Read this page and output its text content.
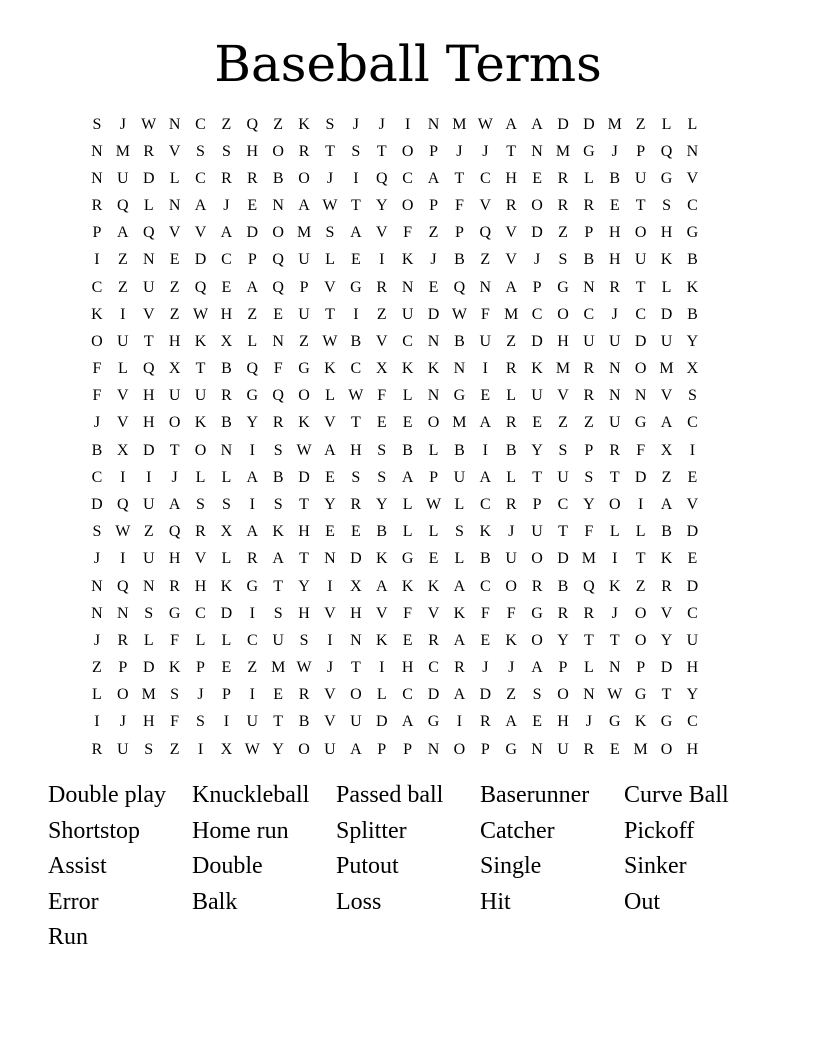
Baseball Terms
S	J W N C Z Q Z K S	J	J	I	N M W A A D D M Z	L	L
N M R V S	S H O R T	S	T O P	J	J	T N M G	J	P Q N
N U D L C R R B O	J	I	Q C A T C H E R L B U G V
R Q L N A	J	E N A W T Y O P	F V R O R R E	T	S	C
P A Q V V A D O M S A V F	Z	P Q V D Z	P H O H G
I	Z N E D C	P Q U L	E	I	K	J	B Z V	J	S	B H U K B
C Z U Z Q E A Q P V G R N E Q N A P G N R T	L K
K	I	V Z W H Z	E U T	I	Z U D W F M C O C	J	C D B
O U T H K X L N Z W B V C N B U Z D H U U D U Y
F	L Q X T B Q F G K C X K K N	I	R K M R N O M X
F V H U U R G Q O L W F	L N G E	L U V R N N V S
J	V H O K B Y R K V T	E	E O M A R E	Z	Z U G A C
B X D T O N	I	S W A H S	B L B	I	B Y S	P	R	F X	I
C	I	I	J	L	L A B D E	S	S A P U A L	T U S	T D Z	E
D Q U A S	S	I	S	T Y R Y L W L C R	P	C Y O	I	A V
S W Z Q R X A K H E	E B L	L	S K	J	U T	F	L	L B D
J	I	U H V L R A T N D K G E	L B U O D M	I	T K E
N Q N R H K G T Y	I	X A K K A C O R B Q K Z R D
N N S G C D	I	S H V H V F V K F	F G R R	J	O V C
J	R L	F	L	L C U S	I	N K E R A E K O Y T	T O Y U
Z	P D K P	E	Z M W J	T	I	H C R	J	J	A P	L N P D H
L O M S	J	P	I	E R V O L C D A D Z	S O N W G T Y
I	J	H F	S	I	U T B V U D A G	I	R A E H	J	G K G C
R U S	Z	I	X W Y O U A P	P N O P G N U R E M O H
Double play	Knuckleball	Passed ball	Baserunner	Curve Ball
Shortstop	Home run	Splitter	Catcher	Pickoff
Assist	Double	Putout	Single	Sinker
Error	Balk	Loss	Hit	Out
Run
